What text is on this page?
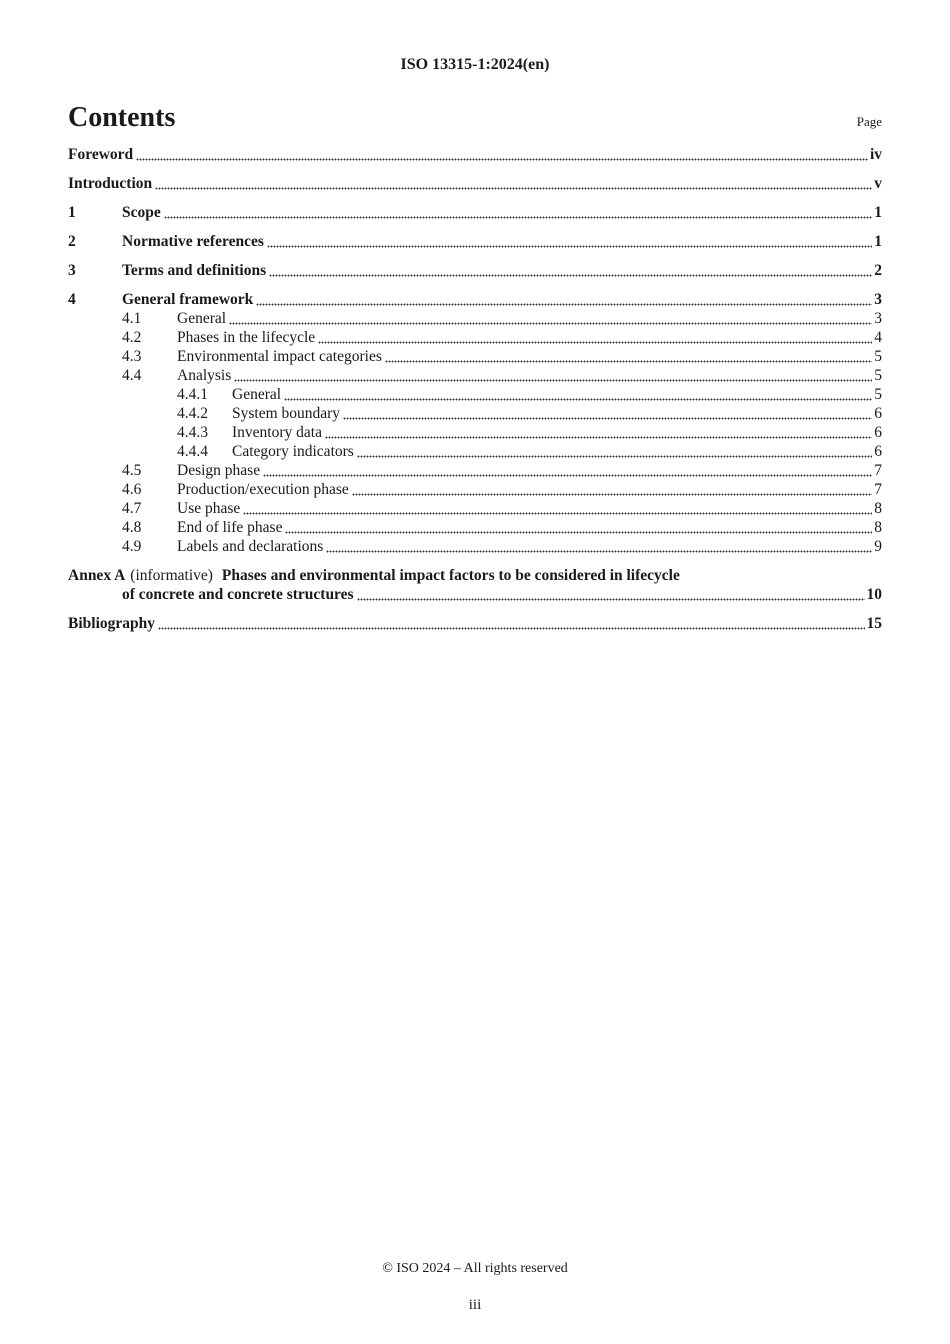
ISO 13315-1:2024(en)
Contents	Page
Foreword	iv
Introduction	v
1	Scope	1
2	Normative references	1
3	Terms and definitions	2
4	General framework	3
4.1	General	3
4.2	Phases in the lifecycle	4
4.3	Environmental impact categories	5
4.4	Analysis	5
4.4.1	General	5
4.4.2	System boundary	6
4.4.3	Inventory data	6
4.4.4	Category indicators	6
4.5	Design phase	7
4.6	Production/execution phase	7
4.7	Use phase	8
4.8	End of life phase	8
4.9	Labels and declarations	9
Annex A (informative) Phases and environmental impact factors to be considered in lifecycle
of concrete and concrete structures	10
Bibliography	15
© ISO 2024 – All rights reserved
iii
